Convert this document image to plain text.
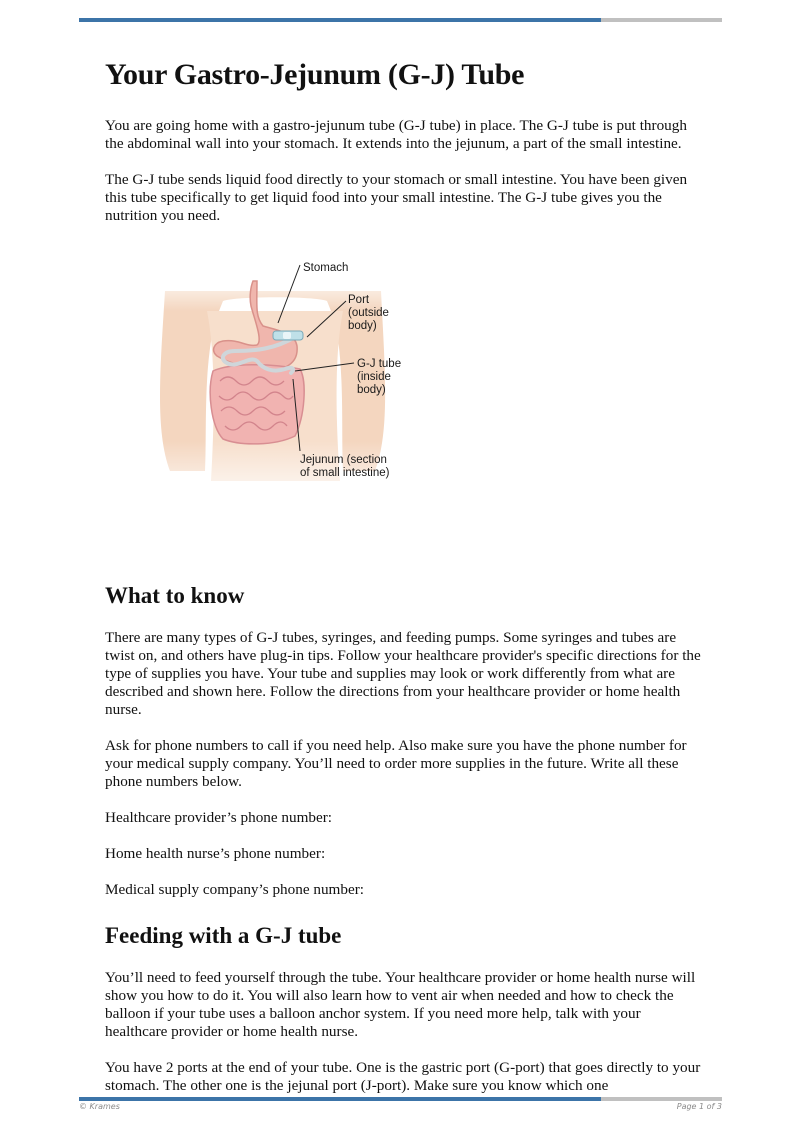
Your Gastro-Jejunum (G-J) Tube

You are going home with a gastro-jejunum tube (G-J tube) in place. The G-J tube is put through the abdominal wall into your stomach. It extends into the jejunum, a part of the small intestine.

The G-J tube sends liquid food directly to your stomach or small intestine. You have been given this tube specifically to get liquid food into your small intestine. The G-J tube gives you the nutrition you need.

Stomach
Port
(outside
body)
G-J tube
(inside
body)
Jejunum (section
of small intestine)
What to know

There are many types of G-J tubes, syringes, and feeding pumps. Some syringes and tubes are twist on, and others have plug-in tips. Follow your healthcare provider's specific directions for the type of supplies you have. Your tube and supplies may look or work differently from what are described and shown here. Follow the directions from your healthcare provider or home health nurse.

Ask for phone numbers to call if you need help. Also make sure you have the phone number for your medical supply company. You’ll need to order more supplies in the future. Write all these phone numbers below.

Healthcare provider’s phone number:

Home health nurse’s phone number:

Medical supply company’s phone number:

Feeding with a G-J tube

You’ll need to feed yourself through the tube. Your healthcare provider or home health nurse will show you how to do it. You will also learn how to vent air when needed and how to check the balloon if your tube uses a balloon anchor system. If you need more help, talk with your healthcare provider or home health nurse.

You have 2 ports at the end of your tube. One is the gastric port (G-port) that goes directly to your stomach. The other one is the jejunal port (J-port). Make sure you know which one

© Krames	Page 1 of 3
